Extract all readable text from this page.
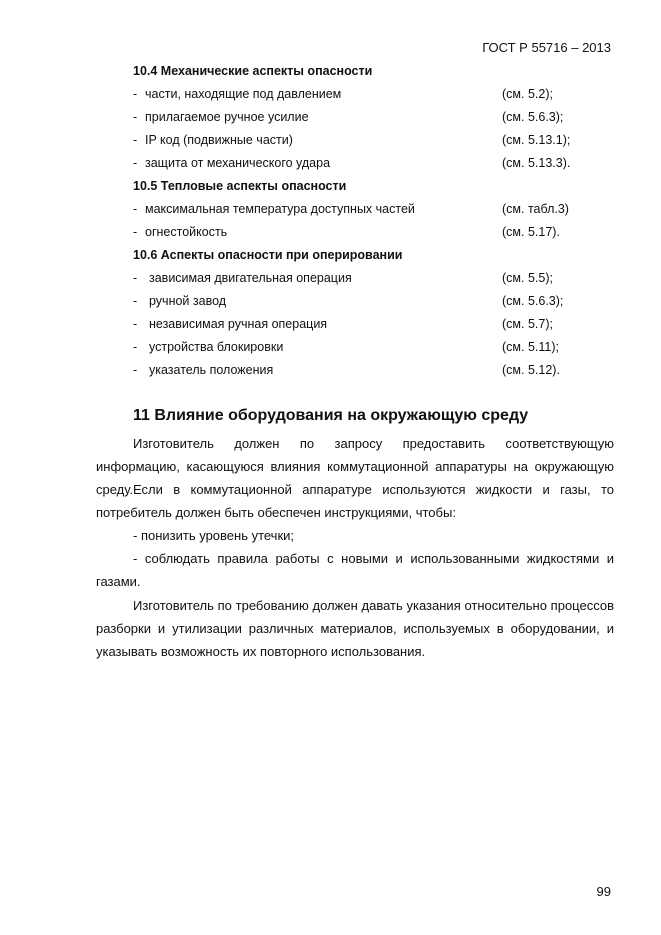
ГОСТ Р 55716 – 2013
10.4 Механические аспекты опасности
- части, находящие под давлением	(см. 5.2);
- прилагаемое ручное усилие	(см. 5.6.3);
- IP код (подвижные части)	(см. 5.13.1);
- защита от механического удара	(см. 5.13.3).
10.5 Тепловые аспекты опасности
- максимальная температура доступных частей	(см. табл.3)
- огнестойкость	(см. 5.17).
10.6 Аспекты опасности при оперировании
- зависимая двигательная операция	(см. 5.5);
- ручной завод	(см. 5.6.3);
- независимая ручная операция	(см. 5.7);
- устройства блокировки	(см. 5.11);
- указатель положения	(см. 5.12).
11 Влияние оборудования на окружающую среду
Изготовитель должен по запросу предоставить соответствующую информацию, касающуюся влияния коммутационной аппаратуры на окружающую среду. Если в коммутационной аппаратуре используются жидкости и газы, то потребитель должен быть обеспечен инструкциями, чтобы:
- понизить уровень утечки;
- соблюдать правила работы с новыми и использованными жидкостями и газами.
Изготовитель по требованию должен давать указания относительно процессов разборки и утилизации различных материалов, используемых в оборудовании, и указывать возможность их повторного использования.
99
